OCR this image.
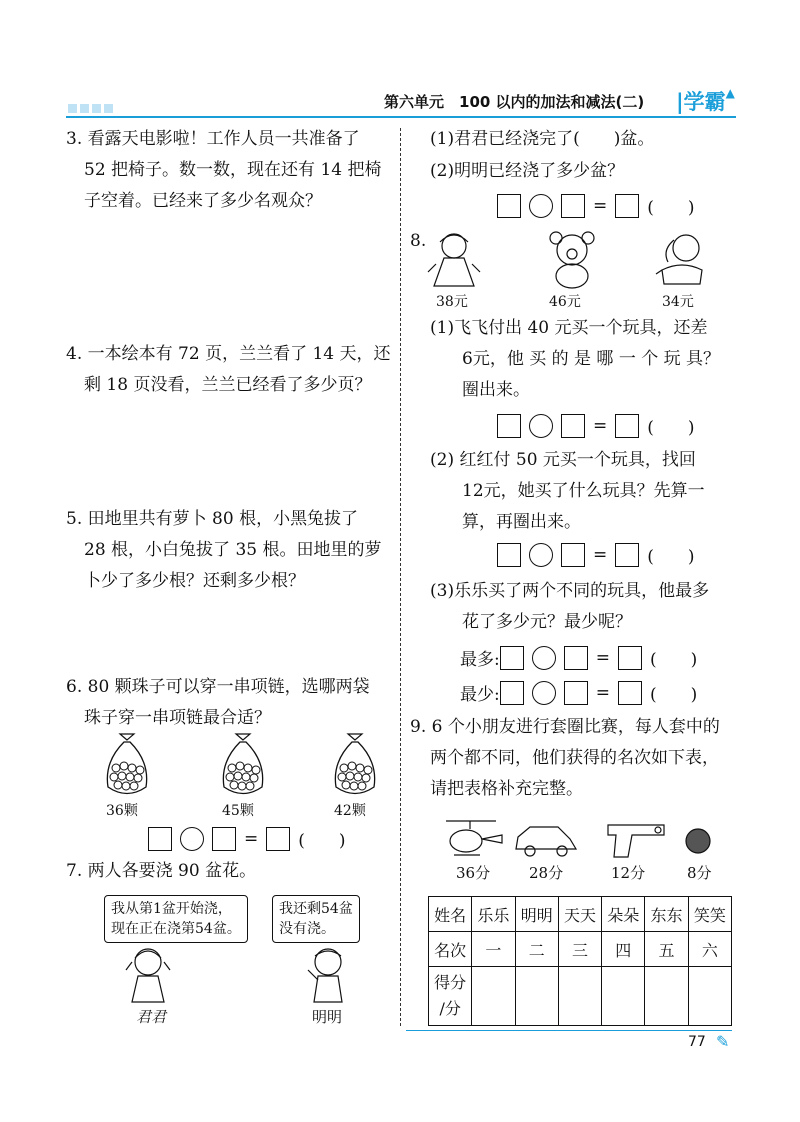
第六单元　100 以内的加法和减法(二) |学霸▲
3. 看露天电影啦！工作人员一共准备了
52 把椅子。数一数，现在还有 14 把椅
子空着。已经来了多少名观众？
4. 一本绘本有 72 页，兰兰看了 14 天，还
剩 18 页没看，兰兰已经看了多少页？
5. 田地里共有萝卜 80 根，小黑兔拔了
28 根，小白兔拔了 35 根。田地里的萝
卜少了多少根？还剩多少根？
6. 80 颗珠子可以穿一串项链，选哪两袋
珠子穿一串项链最合适？
36颗	45颗	42颗
= (　　)
7. 两人各要浇 90 盆花。
我从第1盆开始浇，
现在正在浇第54盆。
我还剩54盆
没有浇。
君君	明明
(1)君君已经浇完了(　　)盆。
(2)明明已经浇了多少盆？
= (　　)
8.
38元	46元	34元
(1)飞飞付出 40 元买一个玩具，还差
6元，他 买 的 是 哪 一 个 玩 具？
圈出来。
= (　　)
(2) 红红付 50 元买一个玩具，找回
12元，她买了什么玩具？先算一
算，再圈出来。
= (　　)
(3)乐乐买了两个不同的玩具，他最多
花了多少元？最少呢？
最多:	= (　　)
最少:	= (　　)
9. 6 个小朋友进行套圈比赛，每人套中的
两个都不同，他们获得的名次如下表，
请把表格补充完整。
36分	28分	12分	8分
姓名	乐乐	明明	天天	朵朵	东东	笑笑
名次	一	二	三	四	五	六

得分
/分						

77 ✎
